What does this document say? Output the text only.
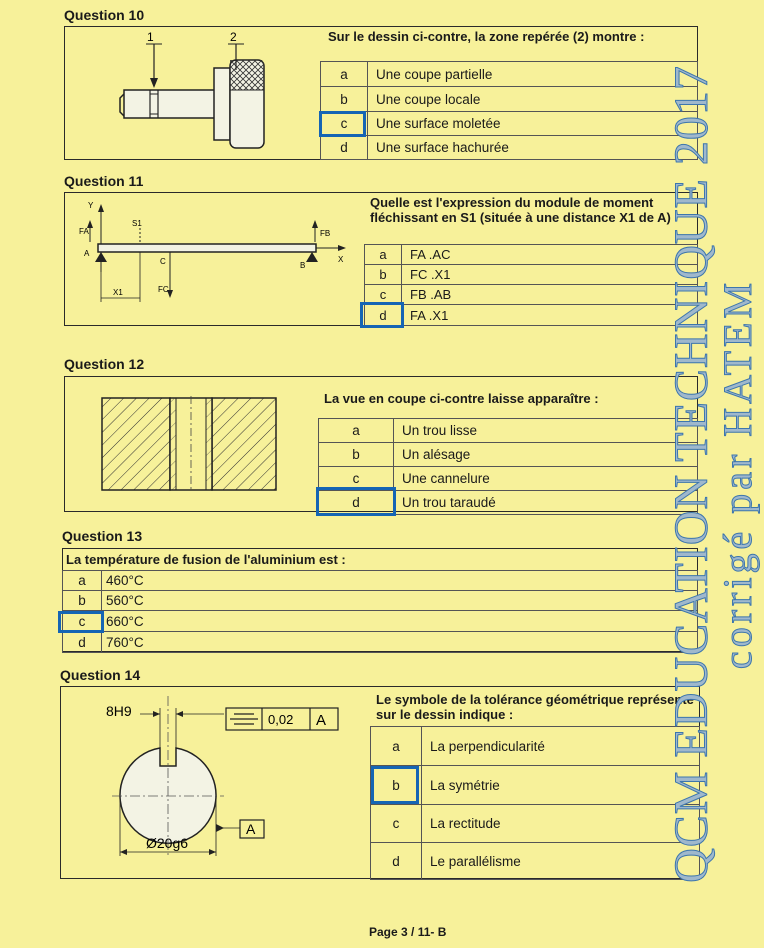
Question 10
1	2	Sur le dessin ci-contre, la zone repérée (2) montre :
a	Une coupe partielle
b	Une coupe locale
c	Une surface moletée
d	Une surface hachurée
Question 11
Y
X
A
B
FA	FB
S1
C
FC
X1
Quelle est l'expression du module de moment fléchissant en S1 (située à une distance X1 de A)
a	FA .AC
b	FC .X1
c	FB .AB
d	FA .X1
Question 12
La vue en coupe ci-contre laisse apparaître :
a	Un trou lisse
b	Un alésage
c	Une cannelure
d	Un trou taraudé
Question 13
La température de fusion de l'aluminium est :
a	460°C
b	560°C
c	660°C
d	760°C
Question 14
8H9
0,02 A
A
Ø20g6
Le symbole de la tolérance géométrique représenté sur le dessin indique :
a	La perpendicularité
b	La symétrie
c	La rectitude
d	Le parallélisme	QCM EDUCATION TECHNIQUE 2017
corrigé par HATEM
Page 3 / 11- B
